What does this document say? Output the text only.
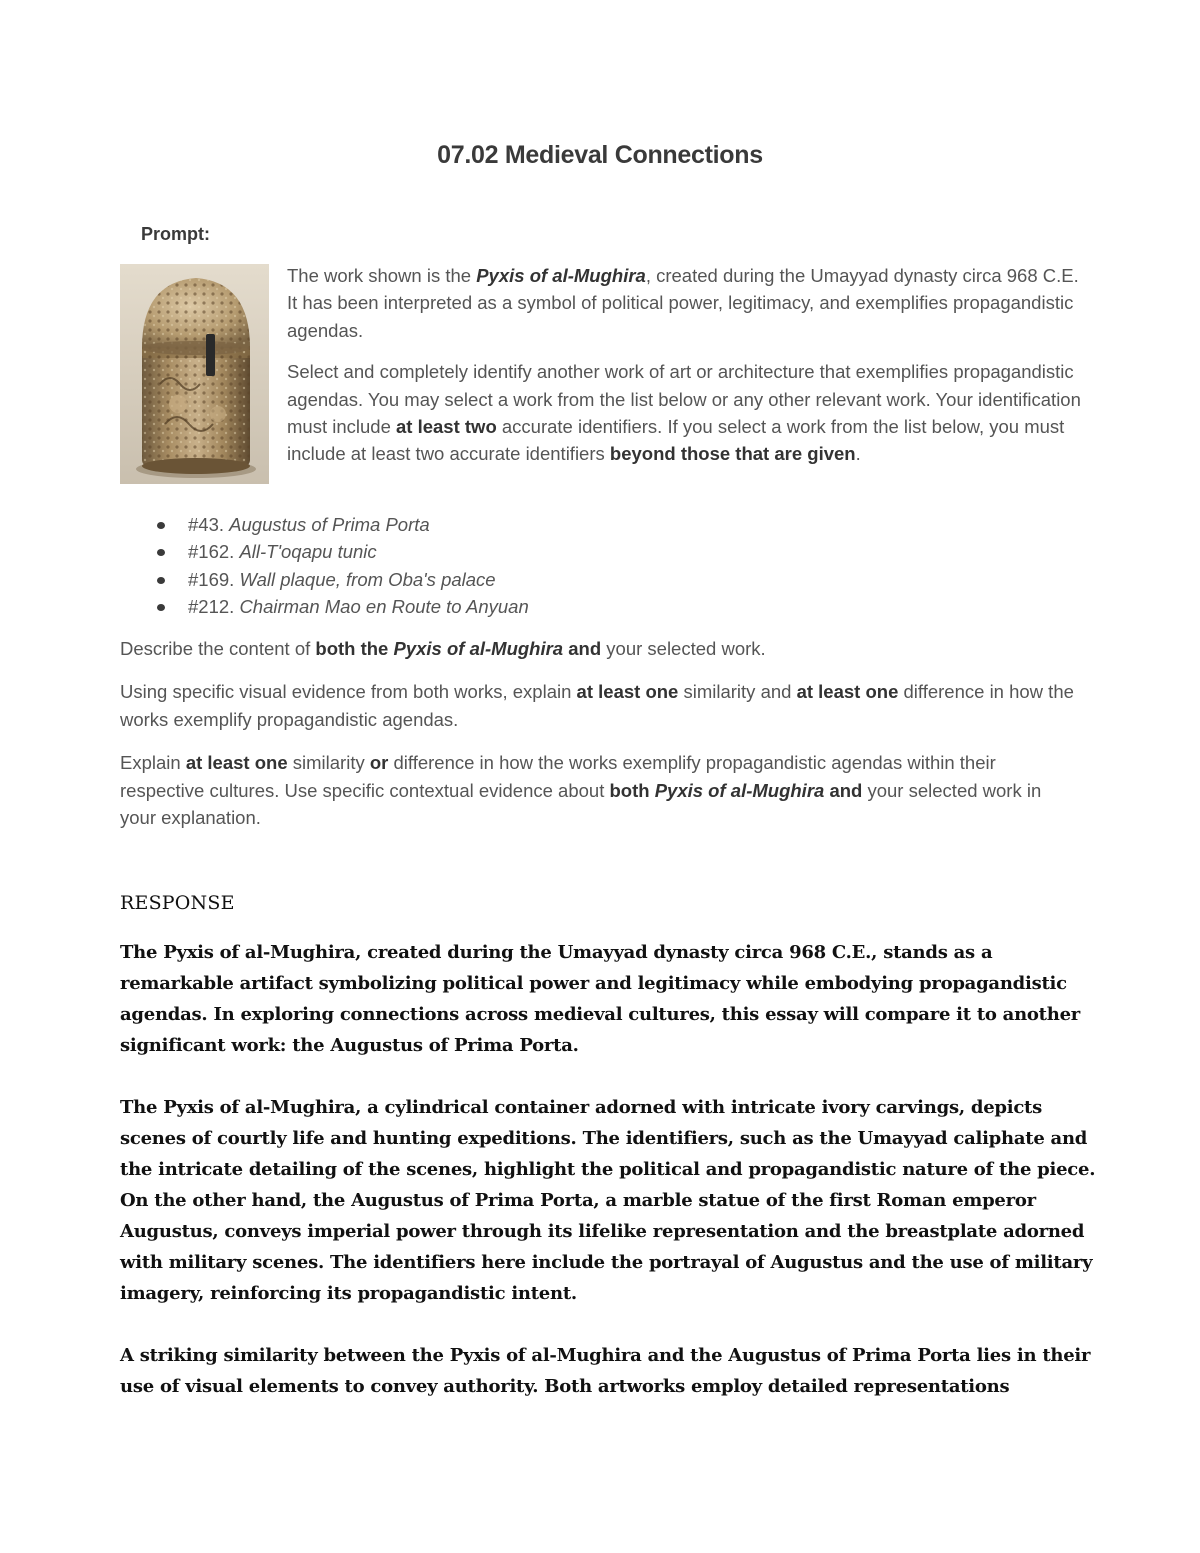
07.02 Medieval Connections
Prompt:

The work shown is the Pyxis of al-Mughira, created during the Umayyad dynasty circa 968 C.E. It has been interpreted as a symbol of political power, legitimacy, and exemplifies propagandistic agendas.

Select and completely identify another work of art or architecture that exemplifies propagandistic agendas. You may select a work from the list below or any other relevant work. Your identification must include at least two accurate identifiers. If you select a work from the list below, you must include at least two accurate identifiers beyond those that are given.

#43. Augustus of Prima Porta
#162. All-T'oqapu tunic
#169. Wall plaque, from Oba's palace
#212. Chairman Mao en Route to Anyuan

Describe the content of both the Pyxis of al-Mughira and your selected work.

Using specific visual evidence from both works, explain at least one similarity and at least one difference in how the works exemplify propagandistic agendas.

Explain at least one similarity or difference in how the works exemplify propagandistic agendas within their respective cultures. Use specific contextual evidence about both Pyxis of al-Mughira and your selected work in your explanation.

RESPONSE

The Pyxis of al-Mughira, created during the Umayyad dynasty circa 968 C.E., stands as a remarkable artifact symbolizing political power and legitimacy while embodying propagandistic agendas. In exploring connections across medieval cultures, this essay will compare it to another significant work: the Augustus of Prima Porta.

The Pyxis of al-Mughira, a cylindrical container adorned with intricate ivory carvings, depicts scenes of courtly life and hunting expeditions. The identifiers, such as the Umayyad caliphate and the intricate detailing of the scenes, highlight the political and propagandistic nature of the piece. On the other hand, the Augustus of Prima Porta, a marble statue of the first Roman emperor Augustus, conveys imperial power through its lifelike representation and the breastplate adorned with military scenes. The identifiers here include the portrayal of Augustus and the use of military imagery, reinforcing its propagandistic intent.

A striking similarity between the Pyxis of al-Mughira and the Augustus of Prima Porta lies in their use of visual elements to convey authority. Both artworks employ detailed representations
